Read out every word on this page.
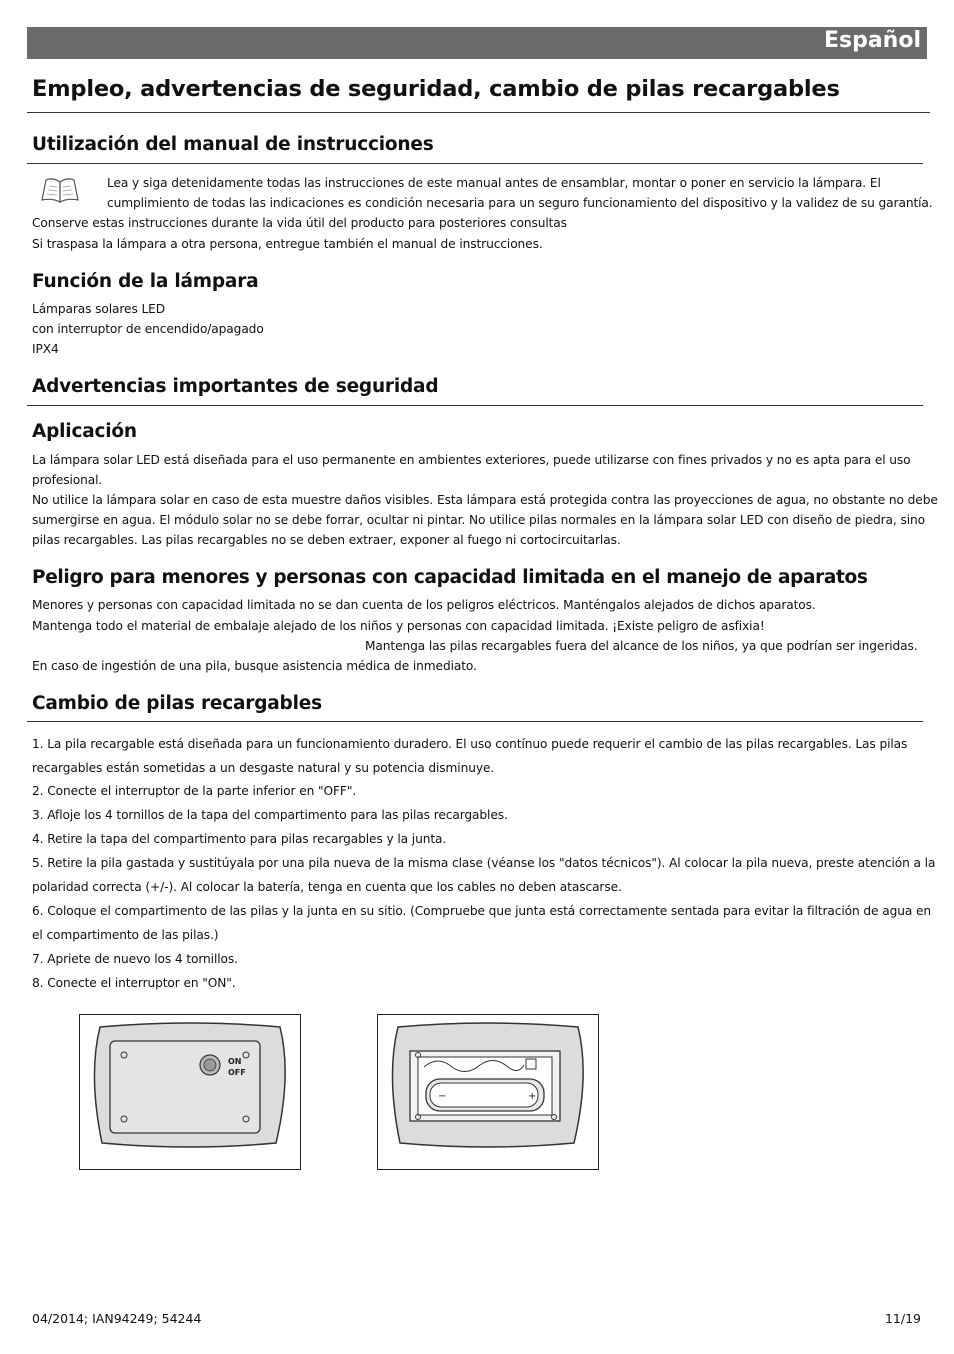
Español
Empleo, advertencias de seguridad, cambio de pilas recargables
Utilización del manual de instrucciones

Lea y siga detenidamente todas las instrucciones de este manual antes de ensamblar, montar o poner en servicio la lámpara. El

cumplimiento de todas las indicaciones es condición necesaria para un seguro funcionamiento del dispositivo y la validez de su garantía.

Conserve estas instrucciones durante la vida útil del producto para posteriores consultas

Si traspasa la lámpara a otra persona, entregue también el manual de instrucciones.

Función de la lámpara

Lámparas solares LED

con interruptor de encendido/apagado

IPX4

Advertencias importantes de seguridad
Aplicación

La lámpara solar LED está diseñada para el uso permanente en ambientes exteriores, puede utilizarse con fines privados y no es apta para el uso

profesional.

No utilice la lámpara solar en caso de esta muestre daños visibles. Esta lámpara está protegida contra las proyecciones de agua, no obstante no debe

sumergirse en agua. El módulo solar no se debe forrar, ocultar ni pintar. No utilice pilas normales en la lámpara solar LED con diseño de piedra, sino

pilas recargables. Las pilas recargables no se deben extraer, exponer al fuego ni cortocircuitarlas.

Peligro para menores y personas con capacidad limitada en el manejo de aparatos

Menores y personas con capacidad limitada no se dan cuenta de los peligros eléctricos. Manténgalos alejados de dichos aparatos.

Mantenga todo el material de embalaje alejado de los niños y personas con capacidad limitada. ¡Existe peligro de asfixia!

Mantenga las pilas recargables fuera del alcance de los niños, ya que podrían ser ingeridas.

En caso de ingestión de una pila, busque asistencia médica de inmediato.

Cambio de pilas recargables

1. La pila recargable está diseñada para un funcionamiento duradero. El uso contínuo puede requerir el cambio de las pilas recargables. Las pilas

recargables están sometidas a un desgaste natural y su potencia disminuye.

2. Conecte el interruptor de la parte inferior en "OFF".

3. Afloje los 4 tornillos de la tapa del compartimento para las pilas recargables.

4. Retire la tapa del compartimento para pilas recargables y la junta.

5. Retire la pila gastada y sustitúyala por una pila nueva de la misma clase (véanse los "datos técnicos"). Al colocar la pila nueva, preste atención a la

polaridad correcta (+/-). Al colocar la batería, tenga en cuenta que los cables no deben atascarse.

6. Coloque el compartimento de las pilas y la junta en su sitio. (Compruebe que junta está correctamente sentada para evitar la filtración de agua en

el compartimento de las pilas.)

7. Apriete de nuevo los 4 tornillos.

8. Conecte el interruptor en "ON".

ON
OFF
−	+
04/2014; IAN94249; 54244	11/19
